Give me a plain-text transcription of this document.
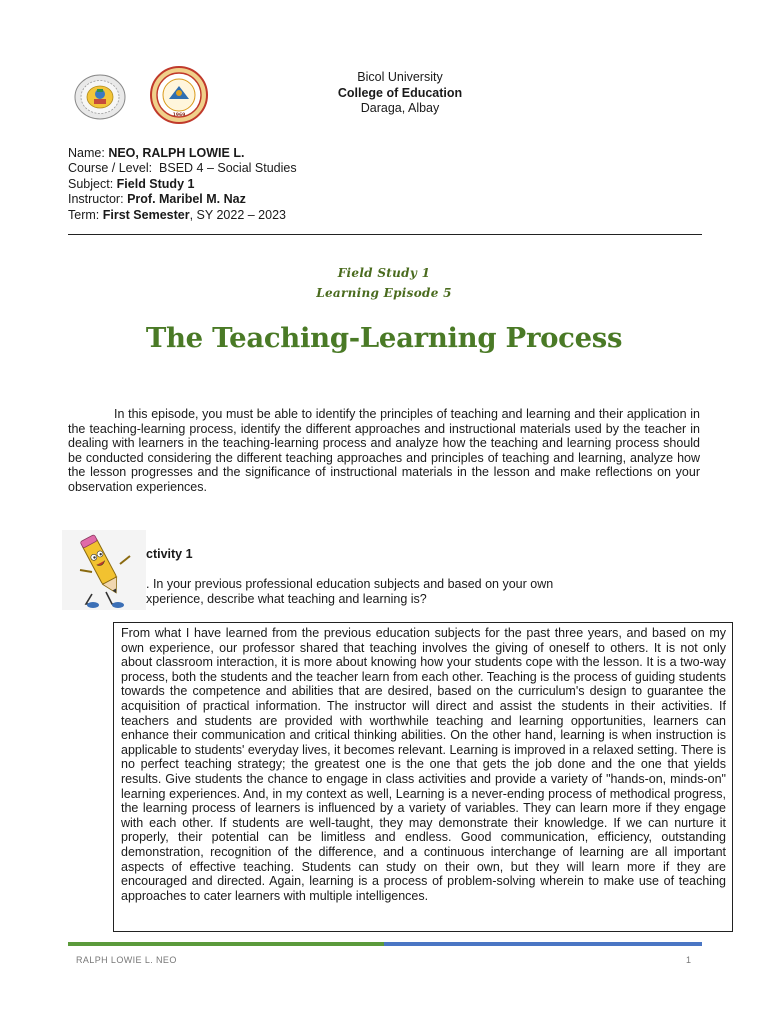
1969
Bicol University
College of Education
Daraga, Albay
Name: NEO, RALPH LOWIE L.
Course / Level: BSED 4 – Social Studies
Subject: Field Study 1
Instructor: Prof. Maribel M. Naz
Term: First Semester, SY 2022 – 2023
Field Study 1
Learning Episode 5
The Teaching-Learning Process
In this episode, you must be able to identify the principles of teaching and learning and their application in the teaching-learning process, identify the different approaches and instructional materials used by the teacher in dealing with learners in the teaching-learning process and analyze how the teaching and learning process should be conducted considering the different teaching approaches and principles of teaching and learning, analyze how the lesson progresses and the significance of instructional materials in the lesson and make reflections on your observation experiences.
ctivity 1
. In your previous professional education subjects and based on your own
xperience, describe what teaching and learning is?
From what I have learned from the previous education subjects for the past three years, and based on my own experience, our professor shared that teaching involves the giving of oneself to others. It is not only about classroom interaction, it is more about knowing how your students cope with the lesson. It is a two-way process, both the students and the teacher learn from each other. Teaching is the process of guiding students towards the competence and abilities that are desired, based on the curriculum's design to guarantee the acquisition of practical information. The instructor will direct and assist the students in their activities. If teachers and students are provided with worthwhile teaching and learning opportunities, learners can enhance their communication and critical thinking abilities. On the other hand, learning is when instruction is applicable to students' everyday lives, it becomes relevant. Learning is improved in a relaxed setting. There is no perfect teaching strategy; the greatest one is the one that gets the job done and the one that yields results. Give students the chance to engage in class activities and provide a variety of "hands-on, minds-on" learning experiences. And, in my context as well, Learning is a never-ending process of methodical progress, the learning process of learners is influenced by a variety of variables. They can learn more if they engage with each other. If students are well-taught, they may demonstrate their knowledge. If we can nurture it properly, their potential can be limitless and endless. Good communication, efficiency, outstanding demonstration, recognition of the difference, and a continuous interchange of learning are all important aspects of effective teaching. Students can study on their own, but they will learn more if they are encouraged and directed. Again, learning is a process of problem-solving wherein to make use of teaching approaches to cater learners with multiple intelligences.
RALPH LOWIE L. NEO	1
